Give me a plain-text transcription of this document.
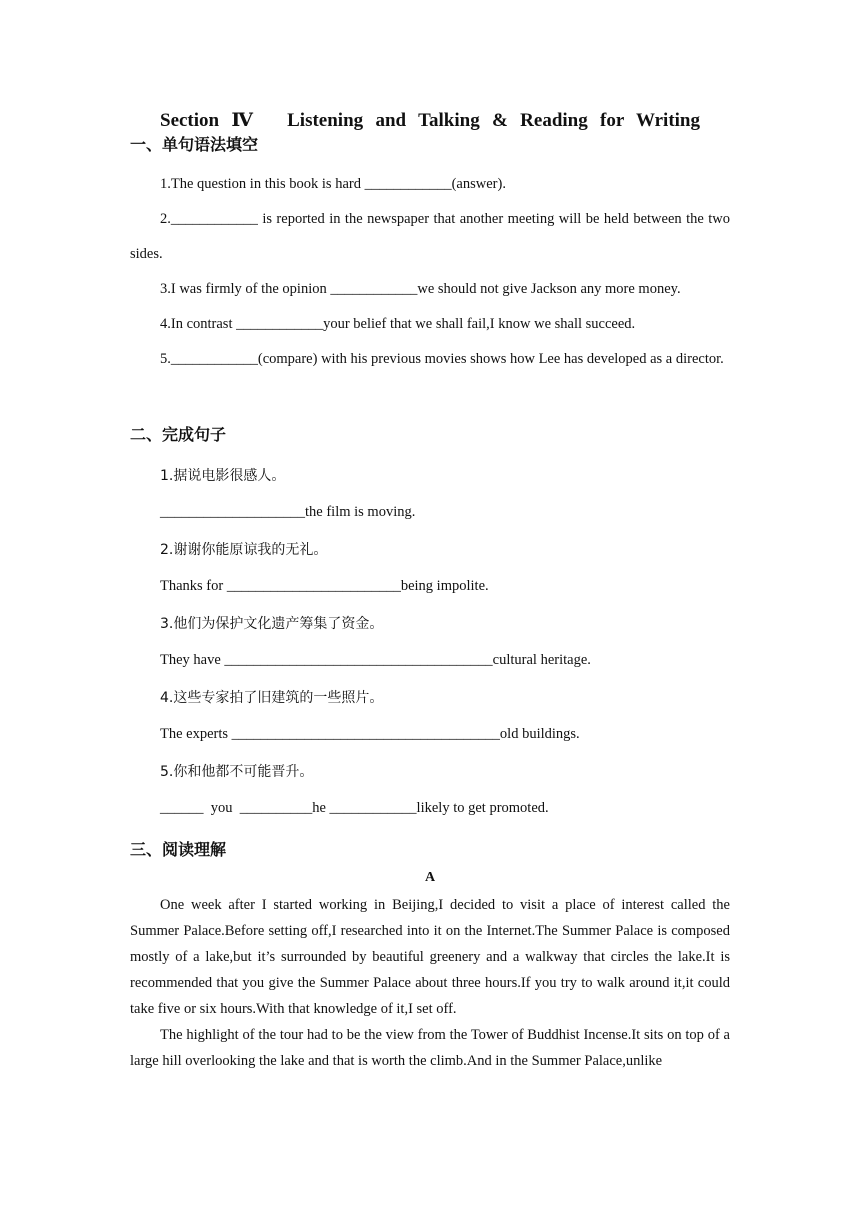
Section Ⅳ　Listening and Talking & Reading for Writing
一、单句语法填空
1.The question in this book is hard ____________(answer).
2.____________ is reported in the newspaper that another meeting will be held between the two sides.
3.I was firmly of the opinion ____________we should not give Jackson any more money.
4.In contrast ____________your belief that we shall fail,I know we shall succeed.
5.____________(compare) with his previous movies shows how Lee has developed as a director.
二、完成句子
1.据说电影很感人。
____________________the film is moving.
2.谢谢你能原谅我的无礼。
Thanks for ________________________being impolite.
3.他们为保护文化遗产筹集了资金。
They have _____________________________________cultural heritage.
4.这些专家拍了旧建筑的一些照片。
The experts _____________________________________old buildings.
5.你和他都不可能晋升。
______  you  __________he ____________likely to get promoted.
三、阅读理解
A

One week after I started working in Beijing,I decided to visit a place of interest called the Summer Palace.Before setting off,I researched into it on the Internet.The Summer Palace is composed mostly of a lake,but it’s surrounded by beautiful greenery and a walkway that circles the lake.It is recommended that you give the Summer Palace about three hours.If you try to walk around it,it could take five or six hours.With that knowledge of it,I set off.

The highlight of the tour had to be the view from the Tower of Buddhist Incense.It sits on top of a large hill overlooking the lake and that is worth the climb.And in the Summer Palace,unlike
